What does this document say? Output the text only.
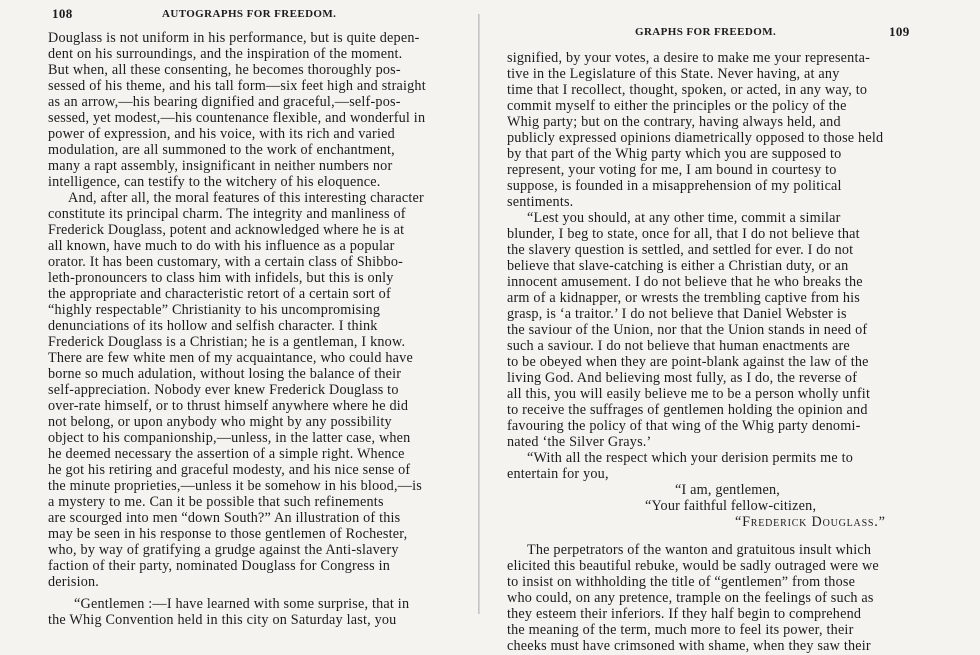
108	AUTOGRAPHS FOR FREEDOM.
Douglass is not uniform in his performance, but is quite depen-
dent on his surroundings, and the inspiration of the moment.
But when, all these consenting, he becomes thoroughly pos-
sessed of his theme, and his tall form—six feet high and straight
as an arrow,—his bearing dignified and graceful,—self-pos-
sessed, yet modest,—his countenance flexible, and wonderful in
power of expression, and his voice, with its rich and varied
modulation, are all summoned to the work of enchantment,
many a rapt assembly, insignificant in neither numbers nor
intelligence, can testify to the witchery of his eloquence.
And, after all, the moral features of this interesting character
constitute its principal charm. The integrity and manliness of
Frederick Douglass, potent and acknowledged where he is at
all known, have much to do with his influence as a popular
orator. It has been customary, with a certain class of Shibbo-
leth-pronouncers to class him with infidels, but this is only
the appropriate and characteristic retort of a certain sort of
“highly respectable” Christianity to his uncompromising
denunciations of its hollow and selfish character. I think
Frederick Douglass is a Christian; he is a gentleman, I know.
There are few white men of my acquaintance, who could have
borne so much adulation, without losing the balance of their
self-appreciation. Nobody ever knew Frederick Douglass to
over-rate himself, or to thrust himself anywhere where he did
not belong, or upon anybody who might by any possibility
object to his companionship,—unless, in the latter case, when
he deemed necessary the assertion of a simple right. Whence
he got his retiring and graceful modesty, and his nice sense of
the minute proprieties,—unless it be somehow in his blood,—is
a mystery to me. Can it be possible that such refinements
are scourged into men “down South?” An illustration of this
may be seen in his response to those gentlemen of Rochester,
who, by way of gratifying a grudge against the Anti-slavery
faction of their party, nominated Douglass for Congress in
derision.
“Gentlemen :—I have learned with some surprise, that in
the Whig Convention held in this city on Saturday last, you
GRAPHS FOR FREEDOM.	109
signified, by your votes, a desire to make me your representa-
tive in the Legislature of this State. Never having, at any
time that I recollect, thought, spoken, or acted, in any way, to
commit myself to either the principles or the policy of the
Whig party; but on the contrary, having always held, and
publicly expressed opinions diametrically opposed to those held
by that part of the Whig party which you are supposed to
represent, your voting for me, I am bound in courtesy to
suppose, is founded in a misapprehension of my political
sentiments.
“Lest you should, at any other time, commit a similar
blunder, I beg to state, once for all, that I do not believe that
the slavery question is settled, and settled for ever. I do not
believe that slave-catching is either a Christian duty, or an
innocent amusement. I do not believe that he who breaks the
arm of a kidnapper, or wrests the trembling captive from his
grasp, is ‘a traitor.’ I do not believe that Daniel Webster is
the saviour of the Union, nor that the Union stands in need of
such a saviour. I do not believe that human enactments are
to be obeyed when they are point-blank against the law of the
living God. And believing most fully, as I do, the reverse of
all this, you will easily believe me to be a person wholly unfit
to receive the suffrages of gentlemen holding the opinion and
favouring the policy of that wing of the Whig party denomi-
nated ‘the Silver Grays.’
“With all the respect which your derision permits me to
entertain for you,
“I am, gentlemen,
“Your faithful fellow-citizen,
“Frederick Douglass.”
The perpetrators of the wanton and gratuitous insult which
elicited this beautiful rebuke, would be sadly outraged were we
to insist on withholding the title of “gentlemen” from those
who could, on any pretence, trample on the feelings of such as
they esteem their inferiors. If they half begin to comprehend
the meaning of the term, much more to feel its power, their
cheeks must have crimsoned with shame, when they saw their
